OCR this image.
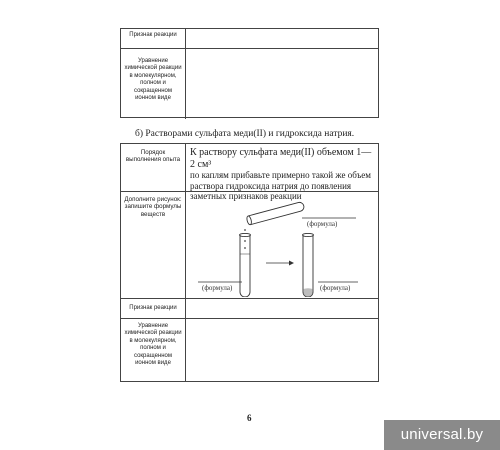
Признак реакции
Уравнение химической реакции в молекулярном, полном и сокращенном ионном виде
б) Растворами сульфата меди(II) и гидроксида натрия.
Порядок выполнения опыта
К раствору сульфата меди(II) объемом 1—2 см³
по каплям прибавьте примерно такой же объем раствора гидроксида натрия до появления заметных признаков реакции
Дополните рисунок: запишите формулы веществ
(формула)
(формула)	(формула)
Признак реакции
Уравнение химической реакции в молекулярном, полном и сокращенном ионном виде
6
universal.by
